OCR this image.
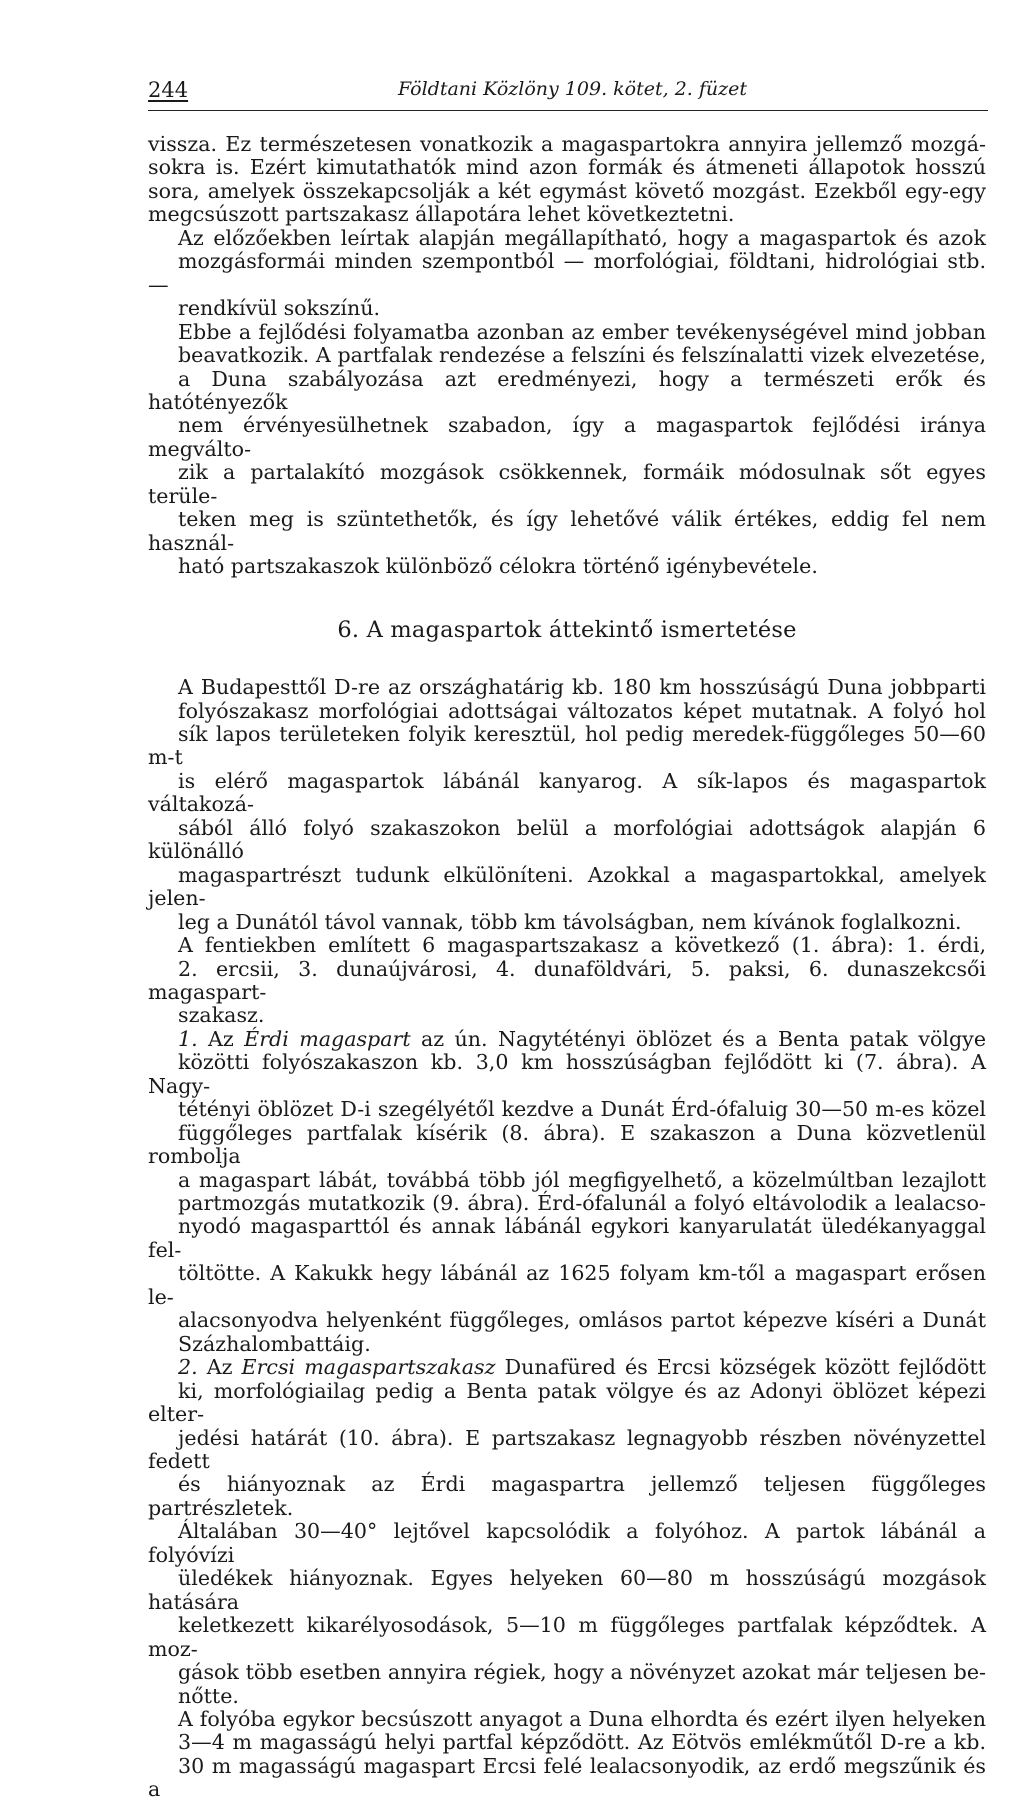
244	Földtani Közlöny 109. kötet, 2. füzet

vissza. Ez természetesen vonatkozik a magaspartokra annyira jellemző mozgá-
sokra is. Ezért kimutathatók mind azon formák és átmeneti állapotok hosszú
sora, amelyek összekapcsolják a két egymást követő mozgást. Ezekből egy-egy
megcsúszott partszakasz állapotára lehet következtetni.

Az előzőekben leírtak alapján megállapítható, hogy a magaspartok és azok
mozgásformái minden szempontból — morfológiai, földtani, hidrológiai stb. —
rendkívül sokszínű.

Ebbe a fejlődési folyamatba azonban az ember tevékenységével mind jobban
beavatkozik. A partfalak rendezése a felszíni és felszínalatti vizek elvezetése,
a Duna szabályozása azt eredményezi, hogy a természeti erők és hatótényezők
nem érvényesülhetnek szabadon, így a magaspartok fejlődési iránya megválto-
zik a partalakító mozgások csökkennek, formáik módosulnak sőt egyes terüle-
teken meg is szüntethetők, és így lehetővé válik értékes, eddig fel nem használ-
ható partszakaszok különböző célokra történő igénybevétele.

6. A magaspartok áttekintő ismertetése

A Budapesttől D-re az országhatárig kb. 180 km hosszúságú Duna jobbparti
folyószakasz morfológiai adottságai változatos képet mutatnak. A folyó hol
sík lapos területeken folyik keresztül, hol pedig meredek-függőleges 50—60 m-t
is elérő magaspartok lábánál kanyarog. A sík-lapos és magaspartok váltakozá-
sából álló folyó szakaszokon belül a morfológiai adottságok alapján 6 különálló
magaspartrészt tudunk elkülöníteni. Azokkal a magaspartokkal, amelyek jelen-
leg a Dunától távol vannak, több km távolságban, nem kívánok foglalkozni.

A fentiekben említett 6 magaspartszakasz a következő (1. ábra): 1. érdi,
2. ercsii, 3. dunaújvárosi, 4. dunaföldvári, 5. paksi, 6. dunaszekcsői magaspart-
szakasz.

1. Az Érdi magaspart az ún. Nagytétényi öblözet és a Benta patak völgye
közötti folyószakaszon kb. 3,0 km hosszúságban fejlődött ki (7. ábra). A Nagy-
tétényi öblözet D-i szegélyétől kezdve a Dunát Érd-ófaluig 30—50 m-es közel
függőleges partfalak kísérik (8. ábra). E szakaszon a Duna közvetlenül rombolja
a magaspart lábát, továbbá több jól megfigyelhető, a közelmúltban lezajlott
partmozgás mutatkozik (9. ábra). Érd-ófalunál a folyó eltávolodik a lealacso-
nyodó magasparttól és annak lábánál egykori kanyarulatát üledékanyaggal fel-
töltötte. A Kakukk hegy lábánál az 1625 folyam km-től a magaspart erősen le-
alacsonyodva helyenként függőleges, omlásos partot képezve kíséri a Dunát
Százhalombattáig.

2. Az Ercsi magaspartszakasz Dunafüred és Ercsi községek között fejlődött
ki, morfológiailag pedig a Benta patak völgye és az Adonyi öblözet képezi elter-
jedési határát (10. ábra). E partszakasz legnagyobb részben növényzettel fedett
és hiányoznak az Érdi magaspartra jellemző teljesen függőleges partrészletek.
Általában 30—40° lejtővel kapcsolódik a folyóhoz. A partok lábánál a folyóvízi
üledékek hiányoznak. Egyes helyeken 60—80 m hosszúságú mozgások hatására
keletkezett kikarélyosodások, 5—10 m függőleges partfalak képződtek. A moz-
gások több esetben annyira régiek, hogy a növényzet azokat már teljesen be-
nőtte.

A folyóba egykor becsúszott anyagot a Duna elhordta és ezért ilyen helyeken
3—4 m magasságú helyi partfal képződött. Az Eötvös emlékműtől D-re a kb.
30 m magasságú magaspart Ercsi felé lealacsonyodik, az erdő megszűnik és a
